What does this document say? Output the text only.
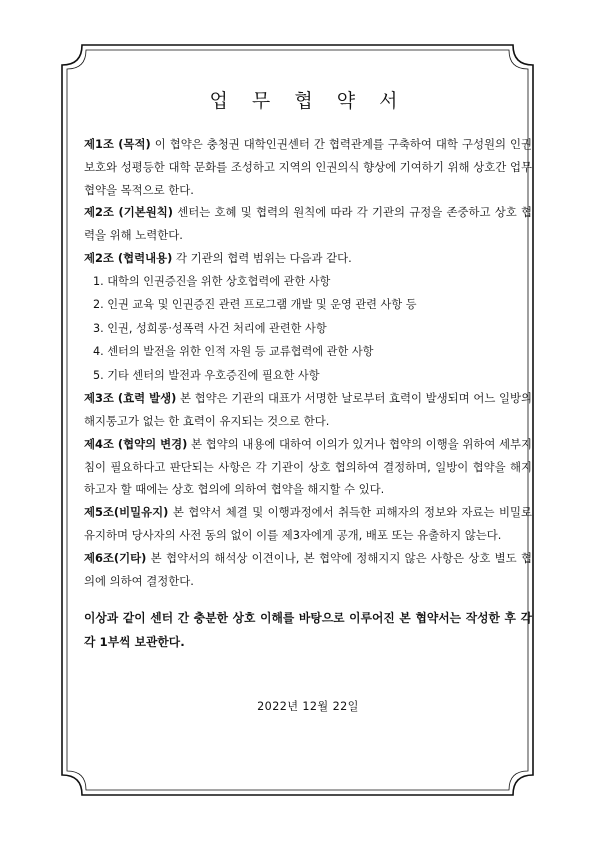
업 무 협 약 서

제1조 (목적) 이 협약은 충청권 대학인권센터 간 협력관계를 구축하여 대학 구성원의 인권보호와 성평등한 대학 문화를 조성하고 지역의 인권의식 향상에 기여하기 위해 상호간 업무협약을 목적으로 한다.

제2조 (기본원칙) 센터는 호혜 및 협력의 원칙에 따라 각 기관의 규정을 존중하고 상호 협력을 위해 노력한다.

제2조 (협력내용) 각 기관의 협력 범위는 다음과 같다.

1. 대학의 인권증진을 위한 상호협력에 관한 사항
2. 인권 교육 및 인권증진 관련 프로그램 개발 및 운영 관련 사항 등
3. 인권, 성희롱·성폭력 사건 처리에 관련한 사항
4. 센터의 발전을 위한 인적 자원 등 교류협력에 관한 사항
5. 기타 센터의 발전과 우호증진에 필요한 사항

제3조 (효력 발생) 본 협약은 기관의 대표가 서명한 날로부터 효력이 발생되며 어느 일방의 해지통고가 없는 한 효력이 유지되는 것으로 한다.

제4조 (협약의 변경) 본 협약의 내용에 대하여 이의가 있거나 협약의 이행을 위하여 세부지침이 필요하다고 판단되는 사항은 각 기관이 상호 협의하여 결정하며, 일방이 협약을 해지하고자 할 때에는 상호 협의에 의하여 협약을 해지할 수 있다.

제5조(비밀유지) 본 협약서 체결 및 이행과정에서 취득한 피해자의 정보와 자료는 비밀로 유지하며 당사자의 사전 동의 없이 이를 제3자에게 공개, 배포 또는 유출하지 않는다.

제6조(기타) 본 협약서의 해석상 이견이나, 본 협약에 정해지지 않은 사항은 상호 별도 협의에 의하여 결정한다.

이상과 같이 센터 간 충분한 상호 이해를 바탕으로 이루어진 본 협약서는 작성한 후 각각 1부씩 보관한다.

2022년 12월 22일
